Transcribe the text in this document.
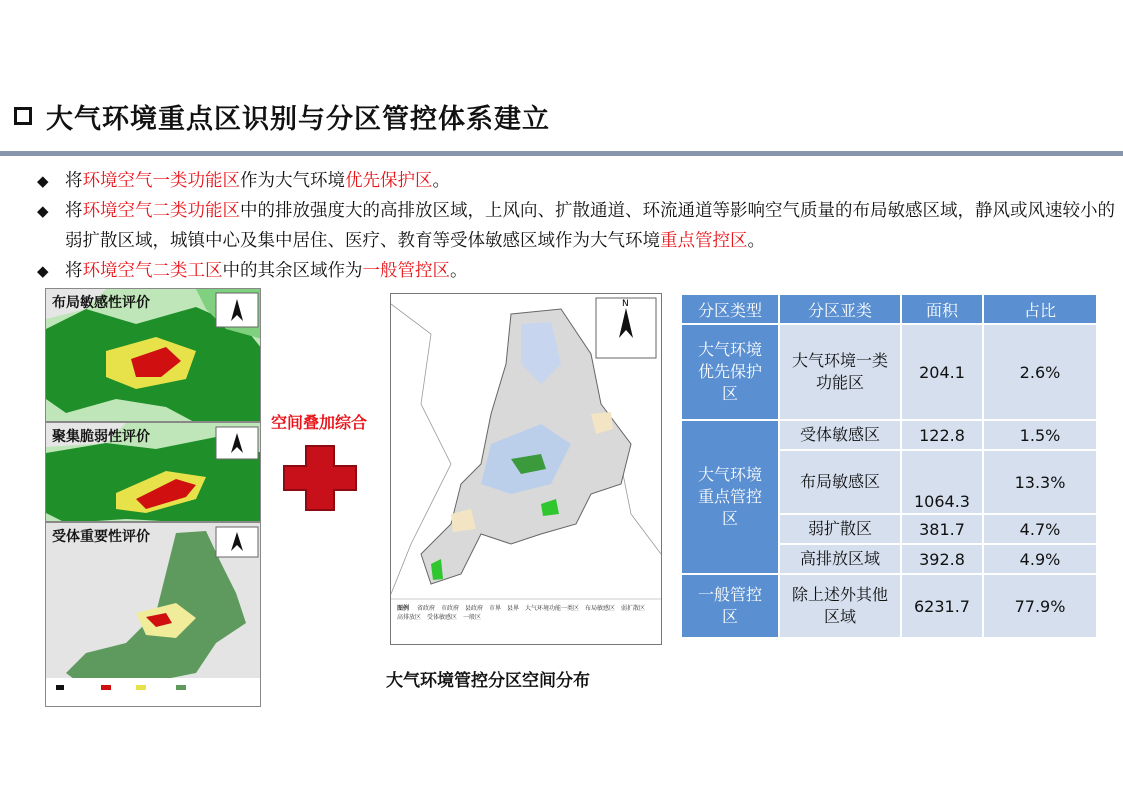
大气环境重点区识别与分区管控体系建立
◆ 将环境空气一类功能区作为大气环境优先保护区。
◆ 将环境空气二类功能区中的排放强度大的高排放区域，上风向、扩散通道、环流通道等影响空气质量的布局敏感区域，静风或风速较小的弱扩散区域，城镇中心及集中居住、医疗、教育等受体敏感区域作为大气环境重点管控区。
◆ 将环境空气二类工区中的其余区域作为一般管控区。
布局敏感性评价
聚集脆弱性评价
受体重要性评价
空间叠加综合
N
图例 省政府 市政府 县政府 市界 县界 大气环境功能一类区 布局敏感区 弱扩散区高排放区 受体敏感区 一般区
大气环境管控分区空间分布
分区类型	分区亚类	面积	占比
大气环境优先保护区	大气环境一类功能区	204.1	2.6%
大气环境重点管控区	受体敏感区	122.8	1.5%
	布局敏感区	1064.3	13.3%
	弱扩散区	381.7	4.7%
	高排放区域	392.8	4.9%
一般管控区	除上述外其他区域	6231.7	77.9%
